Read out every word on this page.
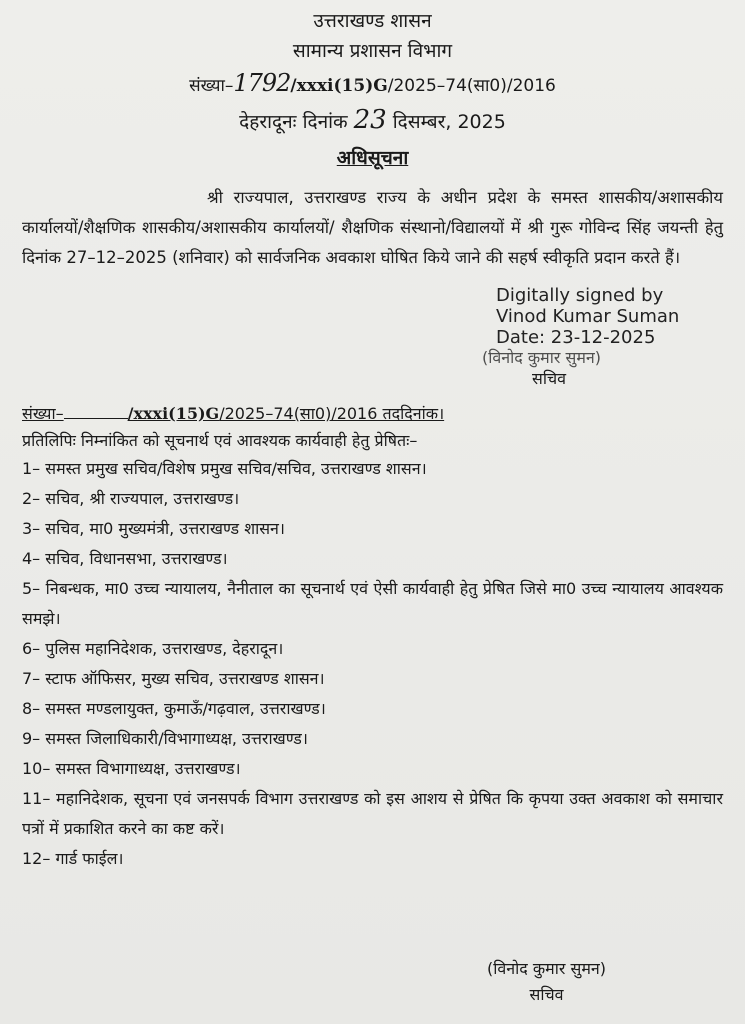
उत्तराखण्ड शासन
सामान्य प्रशासन विभाग
संख्या–1792/xxxi(15)G/2025–74(सा0)/2016
देहरादूनः दिनांक 23 दिसम्बर, 2025
अधिसूचना
श्री राज्यपाल, उत्तराखण्ड राज्य के अधीन प्रदेश के समस्त शासकीय/अशासकीय कार्यालयों/शैक्षणिक शासकीय/अशासकीय कार्यालयों/ शैक्षणिक संस्थानो/विद्यालयों में श्री गुरू गोविन्द सिंह जयन्ती हेतु दिनांक 27–12–2025 (शनिवार) को सार्वजनिक अवकाश घोषित किये जाने की सहर्ष स्वीकृति प्रदान करते हैं।
Digitally signed by
Vinod Kumar Suman
Date: 23-12-2025
(विनोद कुमार सुमन)
सचिव
संख्या–	/xxxi(15)G/2025–74(सा0)/2016 तददिनांक।
प्रतिलिपिः निम्नांकित को सूचनार्थ एवं आवश्यक कार्यवाही हेतु प्रेषितः–
1– समस्त प्रमुख सचिव/विशेष प्रमुख सचिव/सचिव, उत्तराखण्ड शासन।
2– सचिव, श्री राज्यपाल, उत्तराखण्ड।
3– सचिव, मा0 मुख्यमंत्री, उत्तराखण्ड शासन।
4– सचिव, विधानसभा, उत्तराखण्ड।
5– निबन्धक, मा0 उच्च न्यायालय, नैनीताल का सूचनार्थ एवं ऐसी कार्यवाही हेतु प्रेषित जिसे मा0 उच्च न्यायालय आवश्यक समझे।
6– पुलिस महानिदेशक, उत्तराखण्ड, देहरादून।
7– स्टाफ ऑफिसर, मुख्य सचिव, उत्तराखण्ड शासन।
8– समस्त मण्डलायुक्त, कुमाऊँ/गढ़वाल, उत्तराखण्ड।
9– समस्त जिलाधिकारी/विभागाध्यक्ष, उत्तराखण्ड।
10– समस्त विभागाध्यक्ष, उत्तराखण्ड।
11– महानिदेशक, सूचना एवं जनसपर्क विभाग उत्तराखण्ड को इस आशय से प्रेषित कि कृपया उक्त अवकाश को समाचार पत्रों में प्रकाशित करने का कष्ट करें।
12– गार्ड फाईल।
(विनोद कुमार सुमन)
सचिव
